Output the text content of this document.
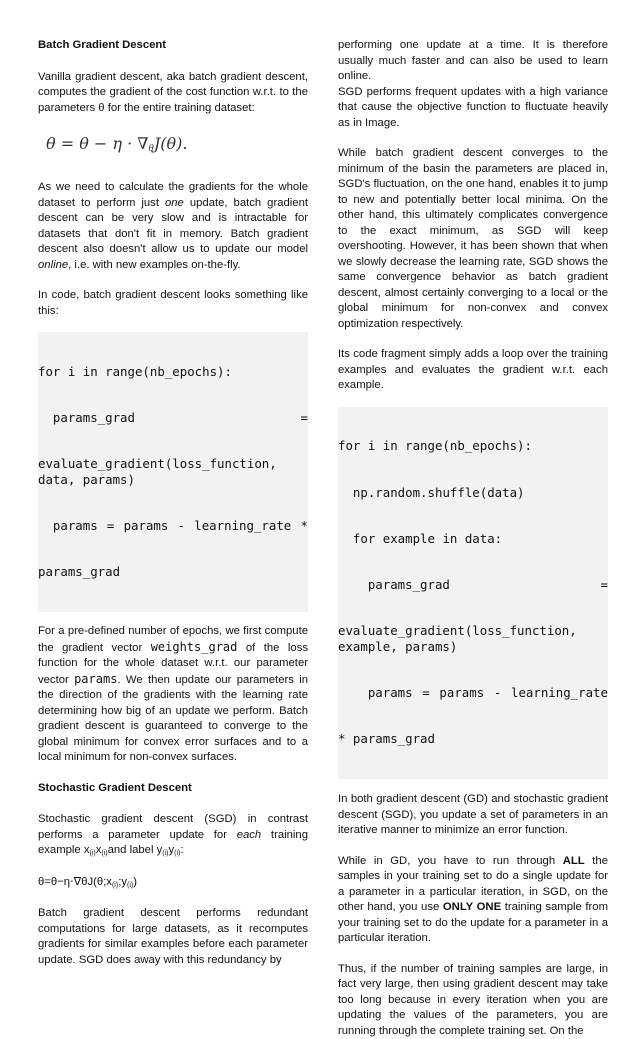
Batch Gradient Descent

Vanilla gradient descent, aka batch gradient descent, computes the gradient of the cost function w.r.t. to the parameters θ for the entire training dataset:

$\theta = \theta - \eta \cdot \nabla_\theta J(\theta)$.

As we need to calculate the gradients for the whole dataset to perform just one update, batch gradient descent can be very slow and is intractable for datasets that don't fit in memory. Batch gradient descent also doesn't allow us to update our model online, i.e. with new examples on-the-fly.

In code, batch gradient descent looks something like this:

for i in range(nb_epochs):

params_grad	=

evaluate_gradient(loss_function, data, params)

params = params - learning_rate *

params_grad

For a pre-defined number of epochs, we first compute the gradient vector weights_grad of the loss function for the whole dataset w.r.t. our parameter vector params. We then update our parameters in the direction of the gradients with the learning rate determining how big of an update we perform. Batch gradient descent is guaranteed to converge to the global minimum for convex error surfaces and to a local minimum for non-convex surfaces.

Stochastic Gradient Descent

Stochastic gradient descent (SGD) in contrast performs a parameter update for each training example $x_{(i)}x_{(i)}and$ label $y_{(i)}y_{(i)}$:

$\theta=\theta-\eta\cdot\nabla\theta J(\theta;x_{(i)};y_{(i)})$

Batch gradient descent performs redundant computations for large datasets, as it recomputes gradients for similar examples before each parameter update. SGD does away with this redundancy by

performing one update at a time. It is therefore usually much faster and can also be used to learn online.

SGD performs frequent updates with a high variance that cause the objective function to fluctuate heavily as in Image.

While batch gradient descent converges to the minimum of the basin the parameters are placed in, SGD's fluctuation, on the one hand, enables it to jump to new and potentially better local minima. On the other hand, this ultimately complicates convergence to the exact minimum, as SGD will keep overshooting. However, it has been shown that when we slowly decrease the learning rate, SGD shows the same convergence behavior as batch gradient descent, almost certainly converging to a local or the global minimum for non-convex and convex optimization respectively.

Its code fragment simply adds a loop over the training examples and evaluates the gradient w.r.t. each example.

for i in range(nb_epochs):

np.random.shuffle(data)

for example in data:

params_grad	=

evaluate_gradient(loss_function, example, params)

params = params - learning_rate

* params_grad

In both gradient descent (GD) and stochastic gradient descent (SGD), you update a set of parameters in an iterative manner to minimize an error function.

While in GD, you have to run through ALL the samples in your training set to do a single update for a parameter in a particular iteration, in SGD, on the other hand, you use ONLY ONE training sample from your training set to do the update for a parameter in a particular iteration.

Thus, if the number of training samples are large, in fact very large, then using gradient descent may take too long because in every iteration when you are updating the values of the parameters, you are running through the complete training set. On the
